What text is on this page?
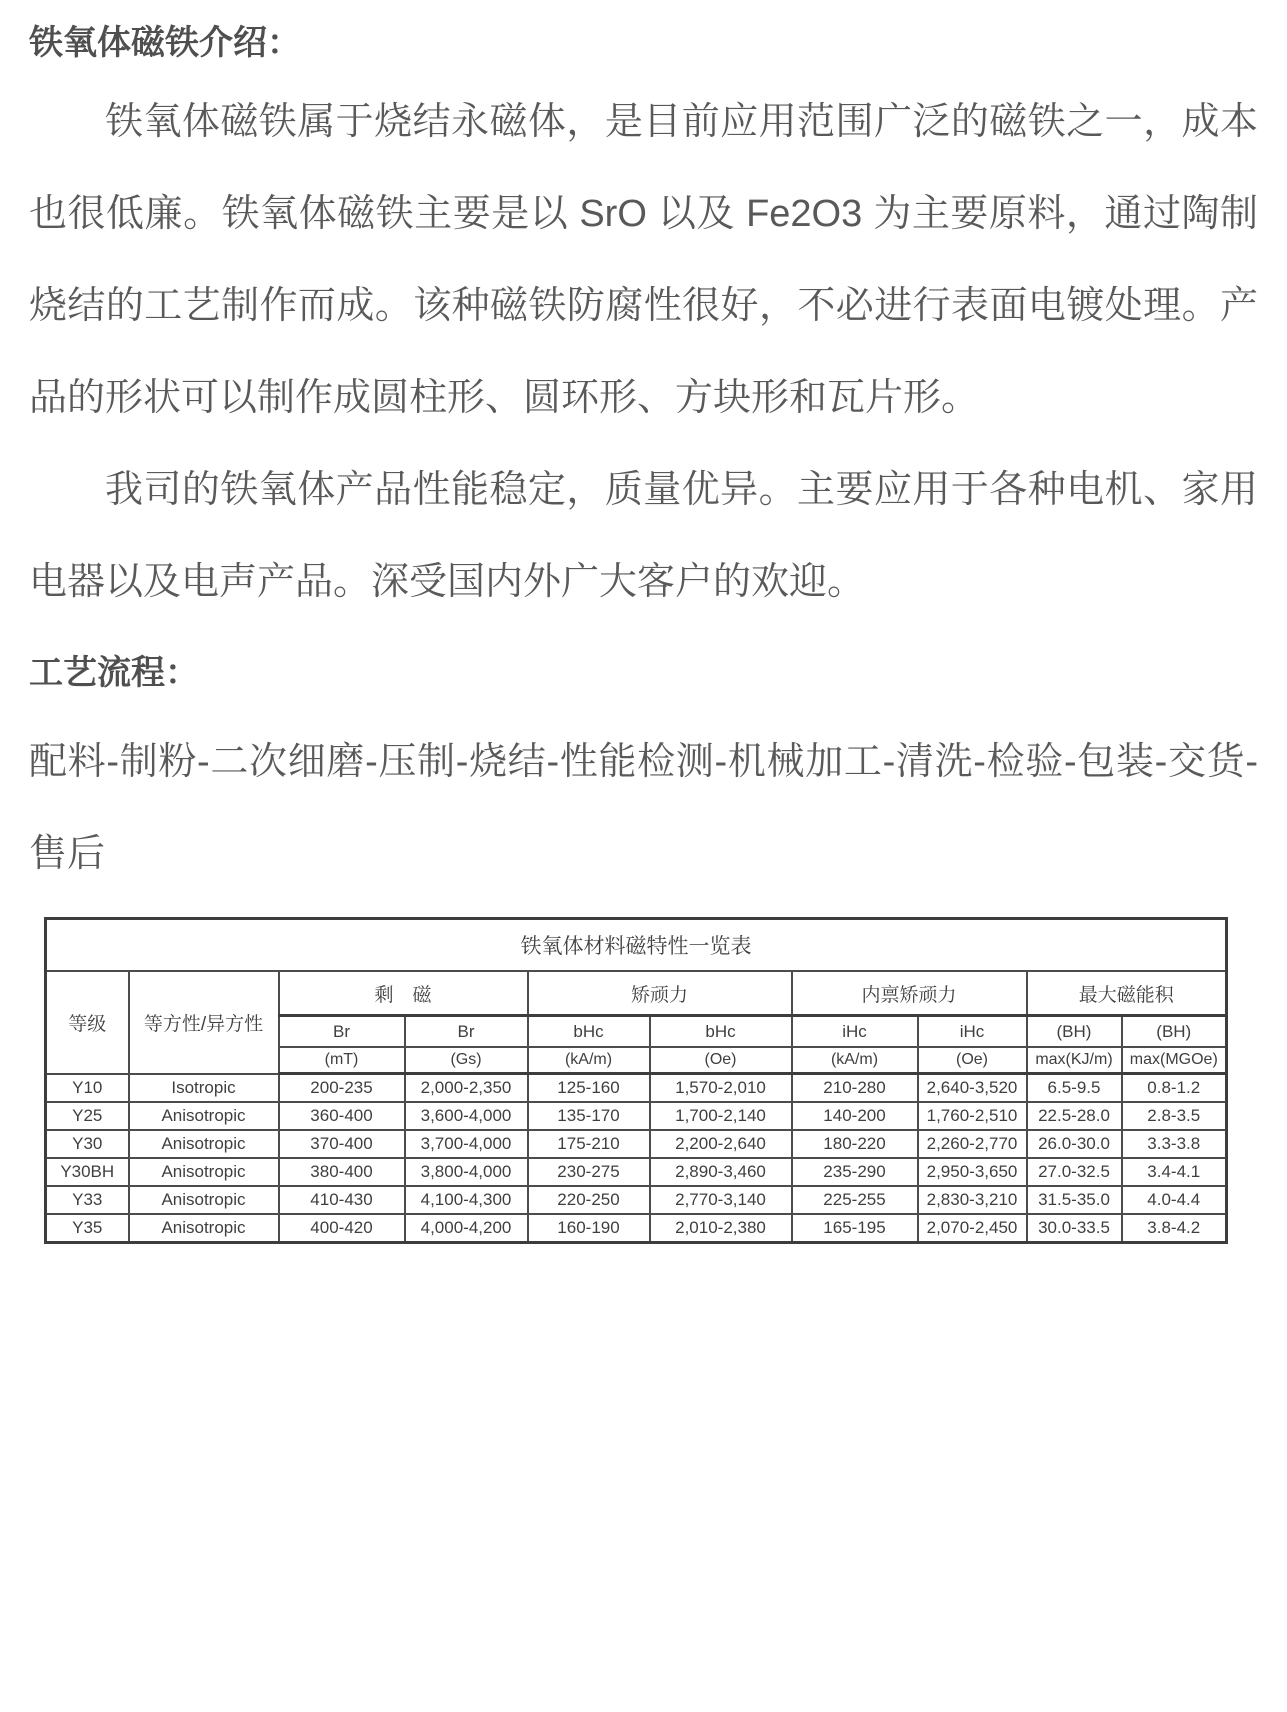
铁氧体磁铁介绍：

铁氧体磁铁属于烧结永磁体，是目前应用范围广泛的磁铁之一，成本也很低廉。铁氧体磁铁主要是以 SrO 以及 Fe2O3 为主要原料，通过陶制烧结的工艺制作而成。该种磁铁防腐性很好，不必进行表面电镀处理。产品的形状可以制作成圆柱形、圆环形、方块形和瓦片形。

我司的铁氧体产品性能稳定，质量优异。主要应用于各种电机、家用电器以及电声产品。深受国内外广大客户的欢迎。

工艺流程：

配料-制粉-二次细磨-压制-烧结-性能检测-机械加工-清洗-检验-包装-交货-售后

铁氧体材料磁特性一览表									
等级	等方性/异方性	剩　磁		矫顽力		内禀矫顽力		最大磁能积	
		Br	Br	bHc	bHc	iHc	iHc	(BH)	(BH)
		(mT)	(Gs)	(kA/m)	(Oe)	(kA/m)	(Oe)	max(KJ/m)	max(MGOe)
Y10	Isotropic	200-235	2,000-2,350	125-160	1,570-2,010	210-280	2,640-3,520	6.5-9.5	0.8-1.2
Y25	Anisotropic	360-400	3,600-4,000	135-170	1,700-2,140	140-200	1,760-2,510	22.5-28.0	2.8-3.5
Y30	Anisotropic	370-400	3,700-4,000	175-210	2,200-2,640	180-220	2,260-2,770	26.0-30.0	3.3-3.8
Y30BH	Anisotropic	380-400	3,800-4,000	230-275	2,890-3,460	235-290	2,950-3,650	27.0-32.5	3.4-4.1
Y33	Anisotropic	410-430	4,100-4,300	220-250	2,770-3,140	225-255	2,830-3,210	31.5-35.0	4.0-4.4
Y35	Anisotropic	400-420	4,000-4,200	160-190	2,010-2,380	165-195	2,070-2,450	30.0-33.5	3.8-4.2
